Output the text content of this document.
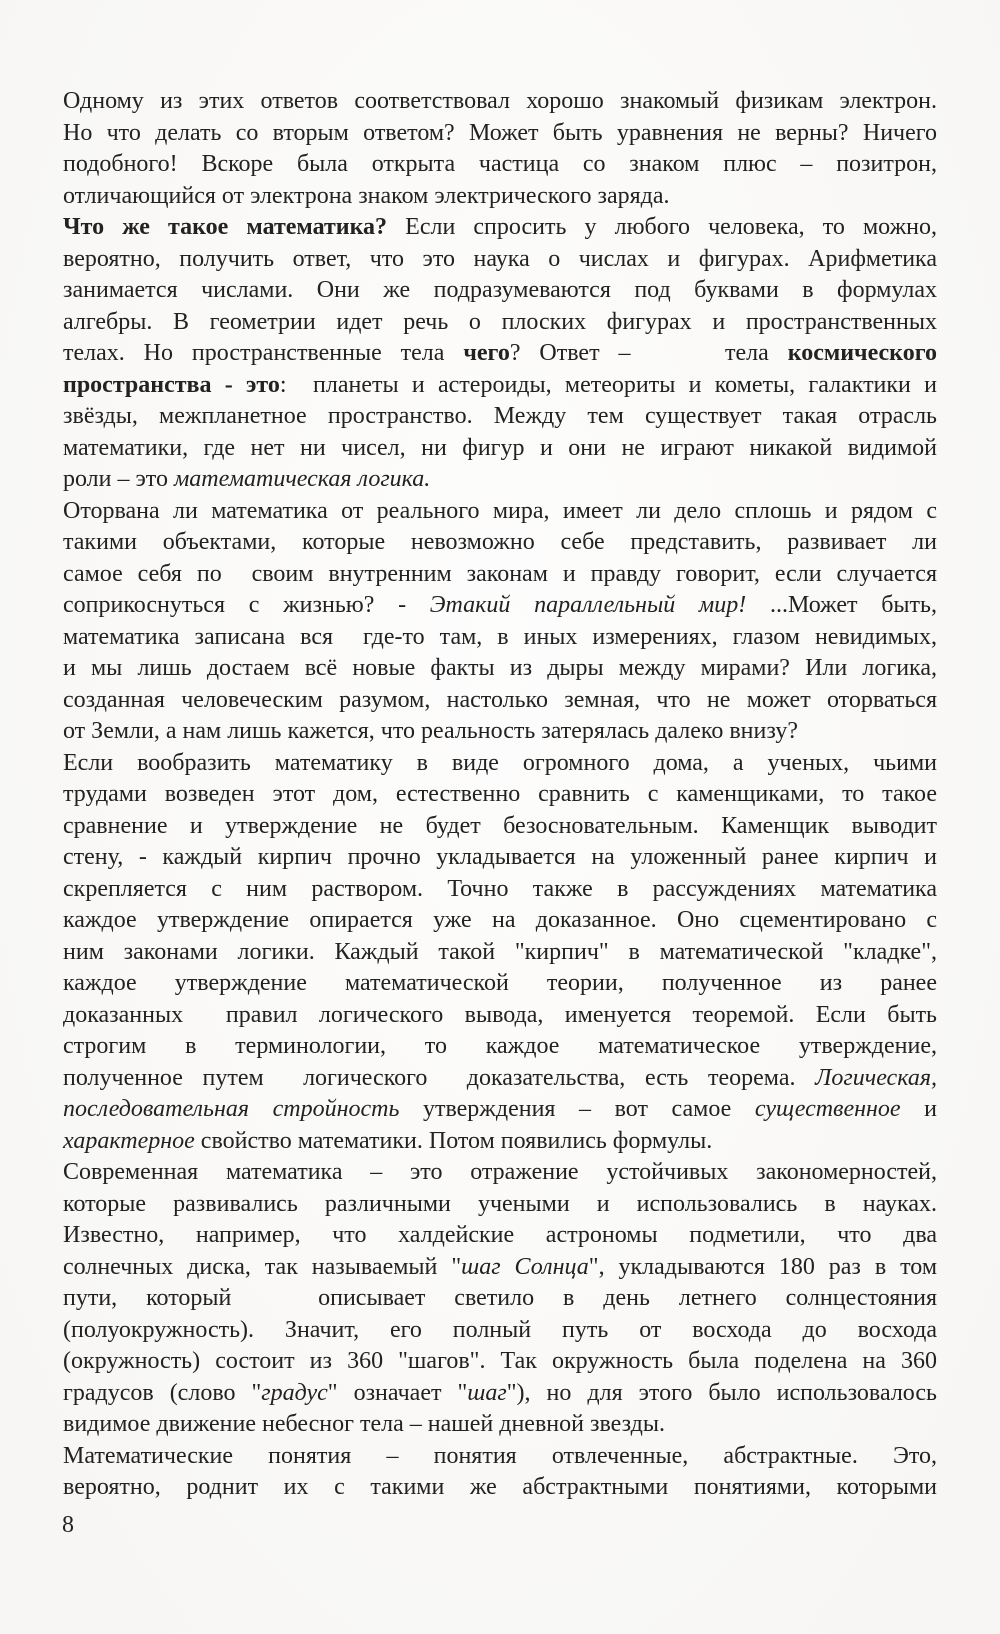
Одному из этих ответов соответствовал хорошо знакомый физикам электрон.
Но что делать со вторым ответом? Может быть уравнения не верны? Ничего
подобного! Вскоре была открыта частица со знаком плюс – позитрон,
отличающийся от электрона знаком электрического заряда.
Что же такое математика? Если спросить у любого человека, то можно,
вероятно, получить ответ, что это наука о числах и фигурах. Арифметика
занимается числами. Они же подразумеваются под буквами в формулах
алгебры. В геометрии идет речь о плоских фигурах и пространственных
телах. Но пространственные тела чего? Ответ –     тела космического
пространства - это:  планеты и астероиды, метеориты и кометы, галактики и
звёзды, межпланетное пространство. Между тем существует такая отрасль
математики, где нет ни чисел, ни фигур и они не играют никакой видимой
роли – это математическая логика.
Оторвана ли математика от реального мира, имеет ли дело сплошь и рядом с
такими объектами, которые невозможно себе представить, развивает ли
самое себя по  своим внутренним законам и правду говорит, если случается
соприкоснуться с жизнью? - Этакий параллельный мир! ...Может быть,
математика записана вся  где-то там, в иных измерениях, глазом невидимых,
и мы лишь достаем всё новые факты из дыры между мирами? Или логика,
созданная человеческим разумом, настолько земная, что не может оторваться
от Земли, а нам лишь кажется, что реальность затерялась далеко внизу?
Если вообразить математику в виде огромного дома, а ученых, чьими
трудами возведен этот дом, естественно сравнить с каменщиками, то такое
сравнение и утверждение не будет безосновательным. Каменщик выводит
стену, - каждый кирпич прочно укладывается на уложенный ранее кирпич и
скрепляется с ним раствором. Точно также в рассуждениях математика
каждое утверждение опирается уже на доказанное. Оно сцементировано с
ним законами логики. Каждый такой "кирпич" в математической "кладке",
каждое утверждение математической теории, полученное из ранее
доказанных  правил логического вывода, именуется теоремой. Если быть
строгим в терминологии, то каждое математическое утверждение,
полученное путем  логического  доказательства, есть теорема. Логическая,
последовательная стройность утверждения – вот самое существенное и
характерное свойство математики. Потом появились формулы.
Современная математика – это отражение устойчивых закономерностей,
которые развивались различными учеными и использовались в науках.
Известно, например, что халдейские астрономы подметили, что два
солнечных диска, так называемый "шаг Солнца", укладываются 180 раз в том
пути, который   описывает светило в день летнего солнцестояния
(полуокружность). Значит, его полный путь от восхода до восхода
(окружность) состоит из 360 "шагов". Так окружность была поделена на 360
градусов (слово "градус" означает "шаг"), но для этого было использовалось
видимое движение небесног тела – нашей дневной звезды.
Математические понятия – понятия отвлеченные, абстрактные. Это,
вероятно, роднит их с такими же абстрактными понятиями, которыми
8
